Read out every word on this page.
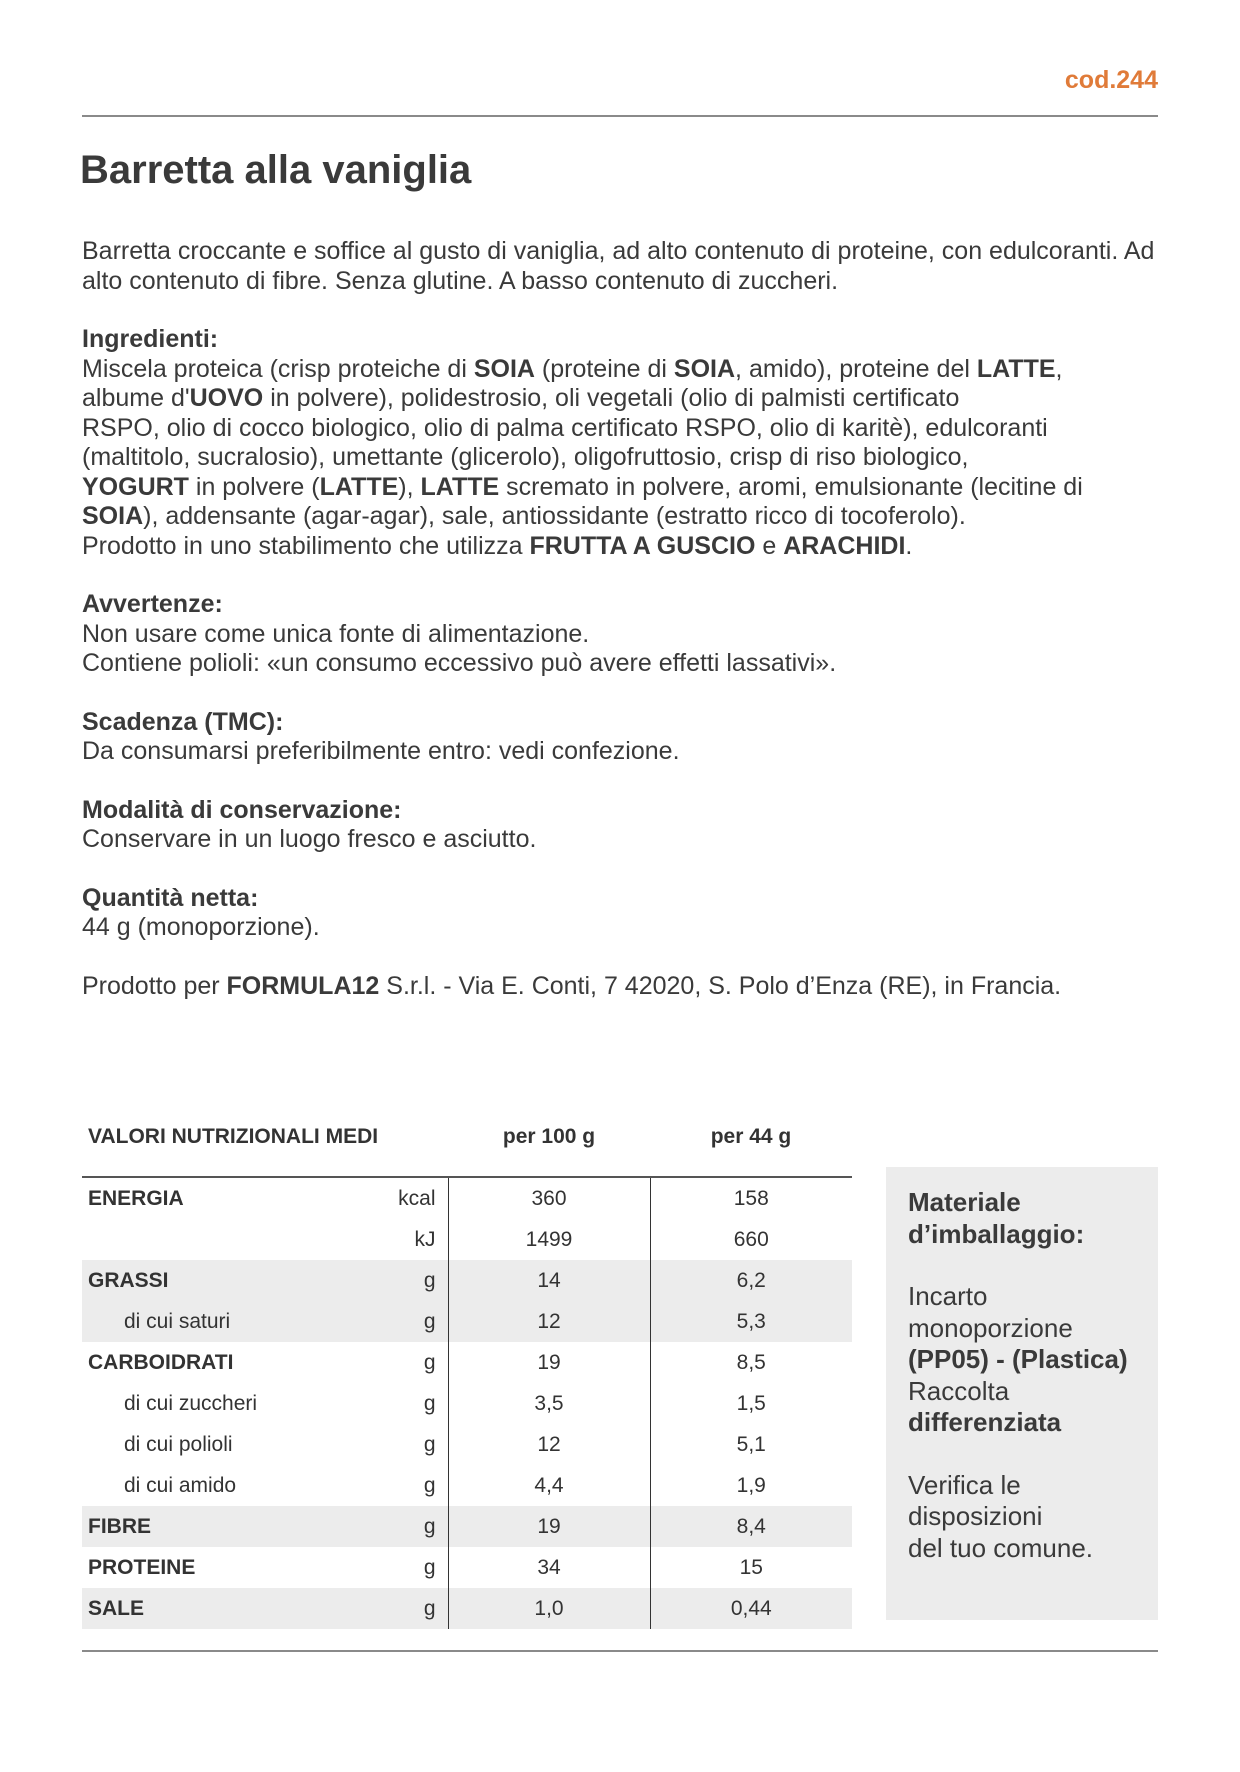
cod.244
Barretta alla vaniglia

Barretta croccante e soffice al gusto di vaniglia, ad alto contenuto di proteine, con edulcoranti. Ad alto contenuto di fibre. Senza glutine. A basso contenuto di zuccheri.

Ingredienti:
Miscela proteica (crisp proteiche di SOIA (proteine di SOIA, amido), proteine del LATTE,
albume d'UOVO in polvere), polidestrosio, oli vegetali (olio di palmisti certificato
RSPO, olio di cocco biologico, olio di palma certificato RSPO, olio di karitè), edulcoranti
(maltitolo, sucralosio), umettante (glicerolo), oligofruttosio, crisp di riso biologico,
YOGURT in polvere (LATTE), LATTE scremato in polvere, aromi, emulsionante (lecitine di
SOIA), addensante (agar-agar), sale, antiossidante (estratto ricco di tocoferolo).
Prodotto in uno stabilimento che utilizza FRUTTA A GUSCIO e ARACHIDI.
Avvertenze:
Non usare come unica fonte di alimentazione.
Contiene polioli: «un consumo eccessivo può avere effetti lassativi».
Scadenza (TMC):
Da consumarsi preferibilmente entro: vedi confezione.
Modalità di conservazione:
Conservare in un luogo fresco e asciutto.
Quantità netta:
44 g (monoporzione).
Prodotto per FORMULA12 S.r.l. - Via E. Conti, 7 42020, S. Polo d’Enza (RE), in Francia.
VALORI NUTRIZIONALI MEDI		per 100 g	per 44 g
ENERGIA	kcal	360	158
	kJ	1499	660
GRASSI	g	14	6,2
di cui saturi	g	12	5,3
CARBOIDRATI	g	19	8,5
di cui zuccheri	g	3,5	1,5
di cui polioli	g	12	5,1
di cui amido	g	4,4	1,9
FIBRE	g	19	8,4
PROTEINE	g	34	15
SALE	g	1,0	0,44

Materiale

d’imballaggio:

Incarto

monoporzione

(PP05) - (Plastica)

Raccolta

differenziata

Verifica le

disposizioni

del tuo comune.
